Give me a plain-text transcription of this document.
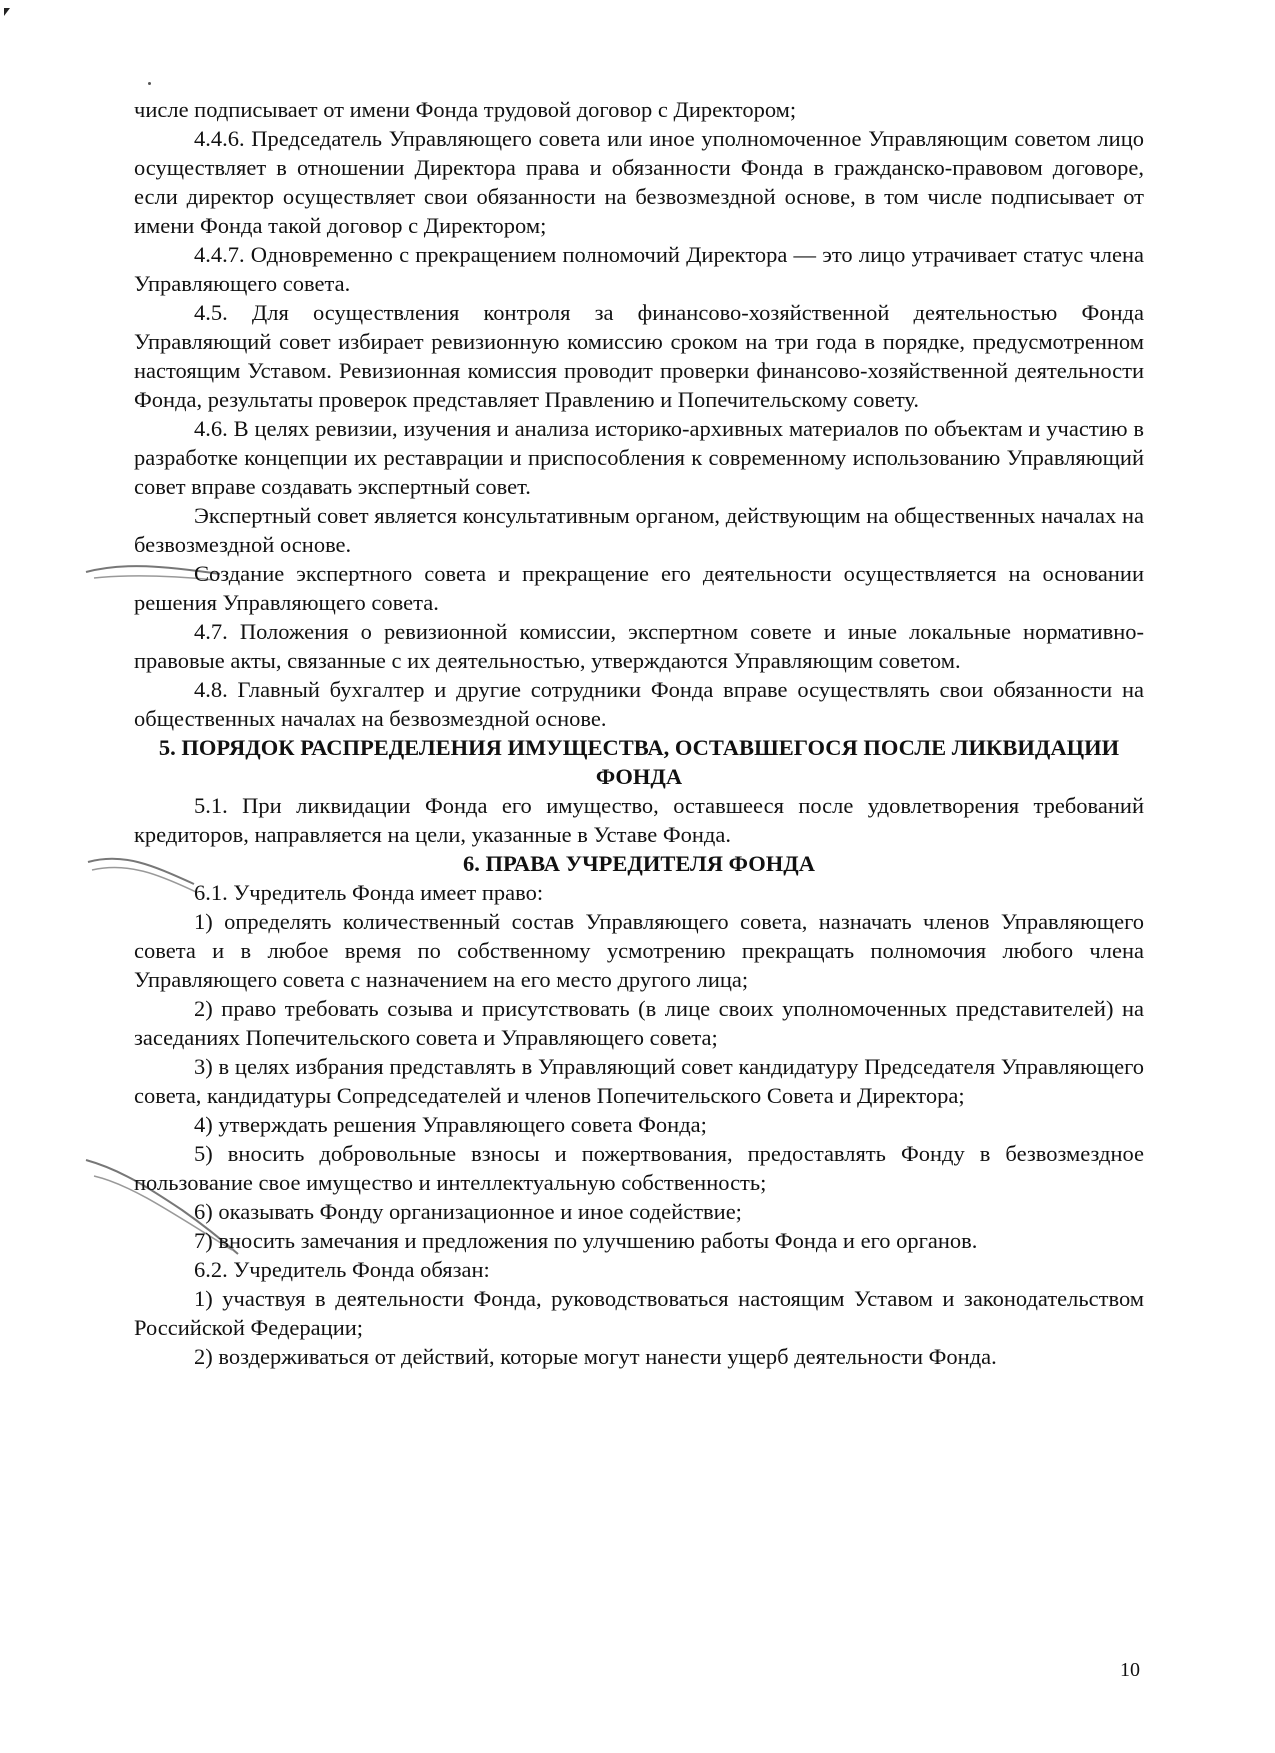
числе подписывает от имени Фонда трудовой договор с Директором;

4.4.6. Председатель Управляющего совета или иное уполномоченное Управляющим советом лицо осуществляет в отношении Директора права и обязанности Фонда в гражданско-правовом договоре, если директор осуществляет свои обязанности на безвозмездной основе, в том числе подписывает от имени Фонда такой договор с Директором;

4.4.7. Одновременно с прекращением полномочий Директора — это лицо утрачивает статус члена Управляющего совета.

4.5. Для осуществления контроля за финансово-хозяйственной деятельностью Фонда Управляющий совет избирает ревизионную комиссию сроком на три года в порядке, предусмотренном настоящим Уставом. Ревизионная комиссия проводит проверки финансово-хозяйственной деятельности Фонда, результаты проверок представляет Правлению и Попечительскому совету.

4.6. В целях ревизии, изучения и анализа историко-архивных материалов по объектам и участию в разработке концепции их реставрации и приспособления к современному использованию Управляющий совет вправе создавать экспертный совет.

Экспертный совет является консультативным органом, действующим на общественных началах на безвозмездной основе.

Создание экспертного совета и прекращение его деятельности осуществляется на основании решения Управляющего совета.

4.7. Положения о ревизионной комиссии, экспертном совете и иные локальные нормативно-правовые акты, связанные с их деятельностью, утверждаются Управляющим советом.

4.8. Главный бухгалтер и другие сотрудники Фонда вправе осуществлять свои обязанности на общественных началах на безвозмездной основе.

5. ПОРЯДОК РАСПРЕДЕЛЕНИЯ ИМУЩЕСТВА, ОСТАВШЕГОСЯ ПОСЛЕ ЛИКВИДАЦИИ ФОНДА

5.1. При ликвидации Фонда его имущество, оставшееся после удовлетворения требований кредиторов, направляется на цели, указанные в Уставе Фонда.

6. ПРАВА УЧРЕДИТЕЛЯ ФОНДА

6.1. Учредитель Фонда имеет право:

1) определять количественный состав Управляющего совета, назначать членов Управляющего совета и в любое время по собственному усмотрению прекращать полномочия любого члена Управляющего совета с назначением на его место другого лица;

2) право требовать созыва и присутствовать (в лице своих уполномоченных представителей) на заседаниях Попечительского совета и Управляющего совета;

3) в целях избрания представлять в Управляющий совет кандидатуру Председателя Управляющего совета, кандидатуры Сопредседателей и членов Попечительского Совета и Директора;

4) утверждать решения Управляющего совета Фонда;

5) вносить добровольные взносы и пожертвования, предоставлять Фонду в безвозмездное пользование свое имущество и интеллектуальную собственность;

6) оказывать Фонду организационное и иное содействие;

7) вносить замечания и предложения по улучшению работы Фонда и его органов.

6.2. Учредитель Фонда обязан:

1) участвуя в деятельности Фонда, руководствоваться настоящим Уставом и законодательством Российской Федерации;

2) воздерживаться от действий, которые могут нанести ущерб деятельности Фонда.

10
